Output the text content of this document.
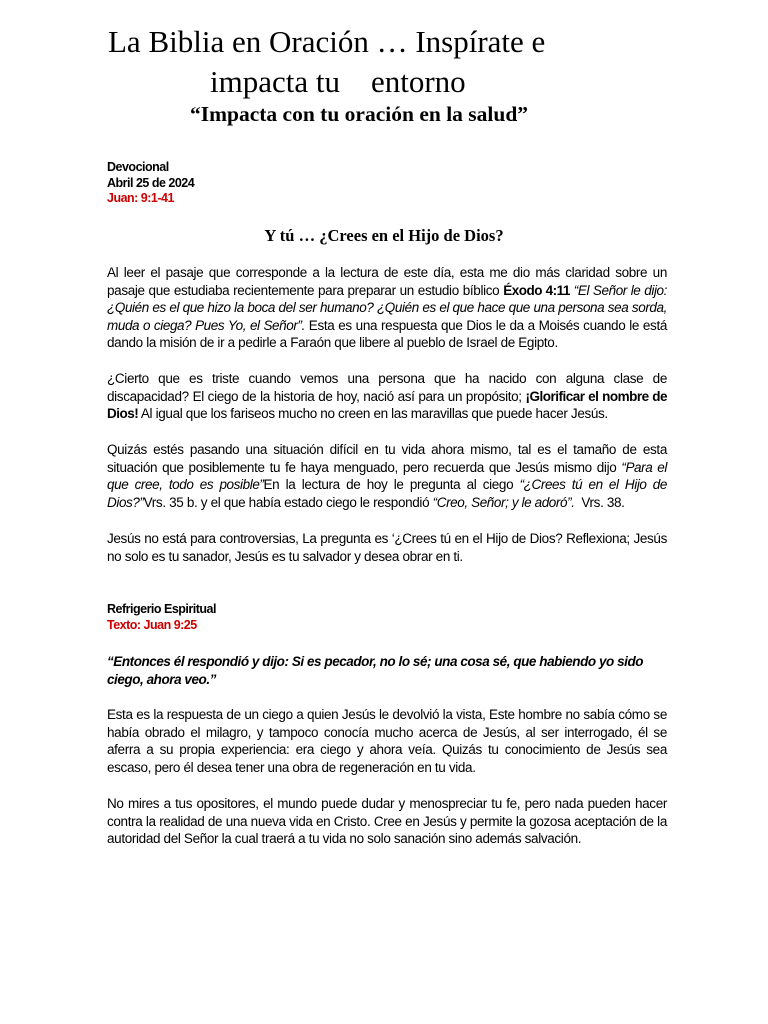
La Biblia en Oración … Inspírate e
impacta tu    entorno
“Impacta con tu oración en la salud”
Devocional
Abril 25 de 2024
Juan: 9:1-41
Y tú … ¿Crees en el Hijo de Dios?

Al leer el pasaje que corresponde a la lectura de este día, esta me dio más claridad sobre un pasaje que estudiaba recientemente para preparar un estudio bíblico Éxodo 4:11 “El Señor le dijo: ¿Quién es el que hizo la boca del ser humano? ¿Quién es el que hace que una persona sea sorda, muda o ciega? Pues Yo, el Señor”. Esta es una respuesta que Dios le da a Moisés cuando le está dando la misión de ir a pedirle a Faraón que libere al pueblo de Israel de Egipto.

¿Cierto que es triste cuando vemos una persona que ha nacido con alguna clase de discapacidad? El ciego de la historia de hoy, nació así para un propósito; ¡Glorificar el nombre de Dios! Al igual que los fariseos mucho no creen en las maravillas que puede hacer Jesús.

Quizás estés pasando una situación difícil en tu vida ahora mismo, tal es el tamaño de esta situación que posiblemente tu fe haya menguado, pero recuerda que Jesús mismo dijo “Para el que cree, todo es posible”En la lectura de hoy le pregunta al ciego “¿Crees tú en el Hijo de Dios?”Vrs. 35 b. y el que había estado ciego le respondió “Creo, Señor; y le adoró”.  Vrs. 38.

Jesús no está para controversias, La pregunta es ‘¿Crees tú en el Hijo de Dios? Reflexiona; Jesús no solo es tu sanador, Jesús es tu salvador y desea obrar en ti.

Refrigerio Espiritual
Texto: Juan 9:25

“Entonces él respondió y dijo: Si es pecador, no lo sé; una cosa sé, que habiendo yo sido ciego, ahora veo.”

Esta es la respuesta de un ciego a quien Jesús le devolvió la vista, Este hombre no sabía cómo se había obrado el milagro, y tampoco conocía mucho acerca de Jesús, al ser interrogado, él se aferra a su propia experiencia: era ciego y ahora veía. Quizás tu conocimiento de Jesús sea escaso, pero él desea tener una obra de regeneración en tu vida.

No mires a tus opositores, el mundo puede dudar y menospreciar tu fe, pero nada pueden hacer contra la realidad de una nueva vida en Cristo. Cree en Jesús y permite la gozosa aceptación de la autoridad del Señor la cual traerá a tu vida no solo sanación sino además salvación.
